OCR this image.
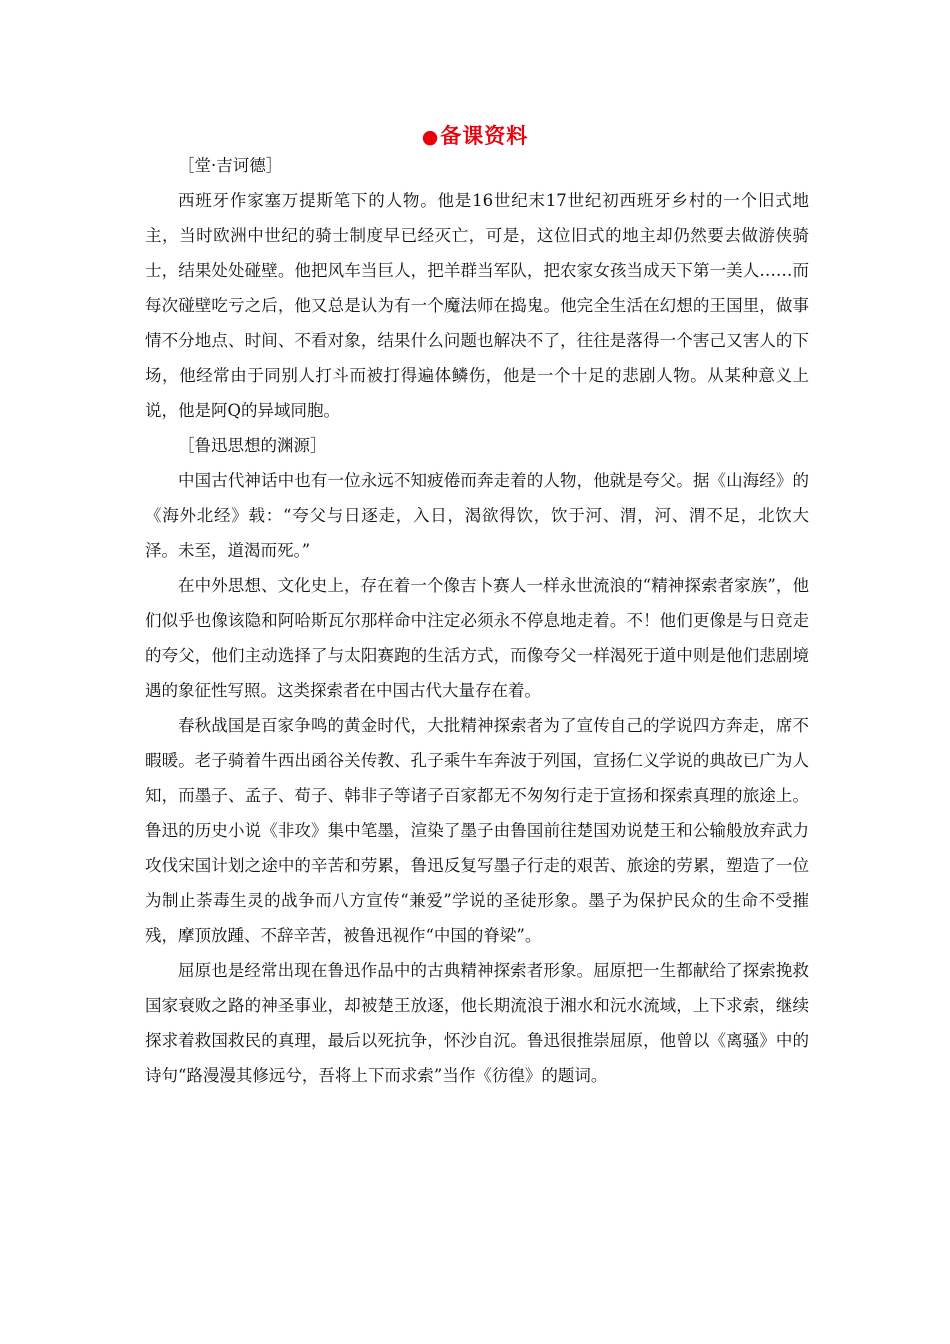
●备课资料

［堂·吉诃德］

西班牙作家塞万提斯笔下的人物。他是16世纪末17世纪初西班牙乡村的一个旧式地主，当时欧洲中世纪的骑士制度早已经灭亡，可是，这位旧式的地主却仍然要去做游侠骑士，结果处处碰壁。他把风车当巨人，把羊群当军队，把农家女孩当成天下第一美人……而每次碰壁吃亏之后，他又总是认为有一个魔法师在捣鬼。他完全生活在幻想的王国里，做事情不分地点、时间、不看对象，结果什么问题也解决不了，往往是落得一个害己又害人的下场，他经常由于同别人打斗而被打得遍体鳞伤，他是一个十足的悲剧人物。从某种意义上说，他是阿Q的异域同胞。

［鲁迅思想的渊源］

中国古代神话中也有一位永远不知疲倦而奔走着的人物，他就是夸父。据《山海经》的《海外北经》载：“夸父与日逐走，入日，渴欲得饮，饮于河、渭，河、渭不足，北饮大泽。未至，道渴而死。”

在中外思想、文化史上，存在着一个像吉卜赛人一样永世流浪的“精神探索者家族”，他们似乎也像该隐和阿哈斯瓦尔那样命中注定必须永不停息地走着。不！他们更像是与日竞走的夸父，他们主动选择了与太阳赛跑的生活方式，而像夸父一样渴死于道中则是他们悲剧境遇的象征性写照。这类探索者在中国古代大量存在着。

春秋战国是百家争鸣的黄金时代，大批精神探索者为了宣传自己的学说四方奔走，席不暇暖。老子骑着牛西出函谷关传教、孔子乘牛车奔波于列国，宣扬仁义学说的典故已广为人知，而墨子、孟子、荀子、韩非子等诸子百家都无不匆匆行走于宣扬和探索真理的旅途上。鲁迅的历史小说《非攻》集中笔墨，渲染了墨子由鲁国前往楚国劝说楚王和公输般放弃武力攻伐宋国计划之途中的辛苦和劳累，鲁迅反复写墨子行走的艰苦、旅途的劳累，塑造了一位为制止荼毒生灵的战争而八方宣传“兼爱”学说的圣徒形象。墨子为保护民众的生命不受摧残，摩顶放踵、不辞辛苦，被鲁迅视作“中国的脊梁”。

屈原也是经常出现在鲁迅作品中的古典精神探索者形象。屈原把一生都献给了探索挽救国家衰败之路的神圣事业，却被楚王放逐，他长期流浪于湘水和沅水流域，上下求索，继续探求着救国救民的真理，最后以死抗争，怀沙自沉。鲁迅很推崇屈原，他曾以《离骚》中的诗句“路漫漫其修远兮，吾将上下而求索”当作《彷徨》的题词。
